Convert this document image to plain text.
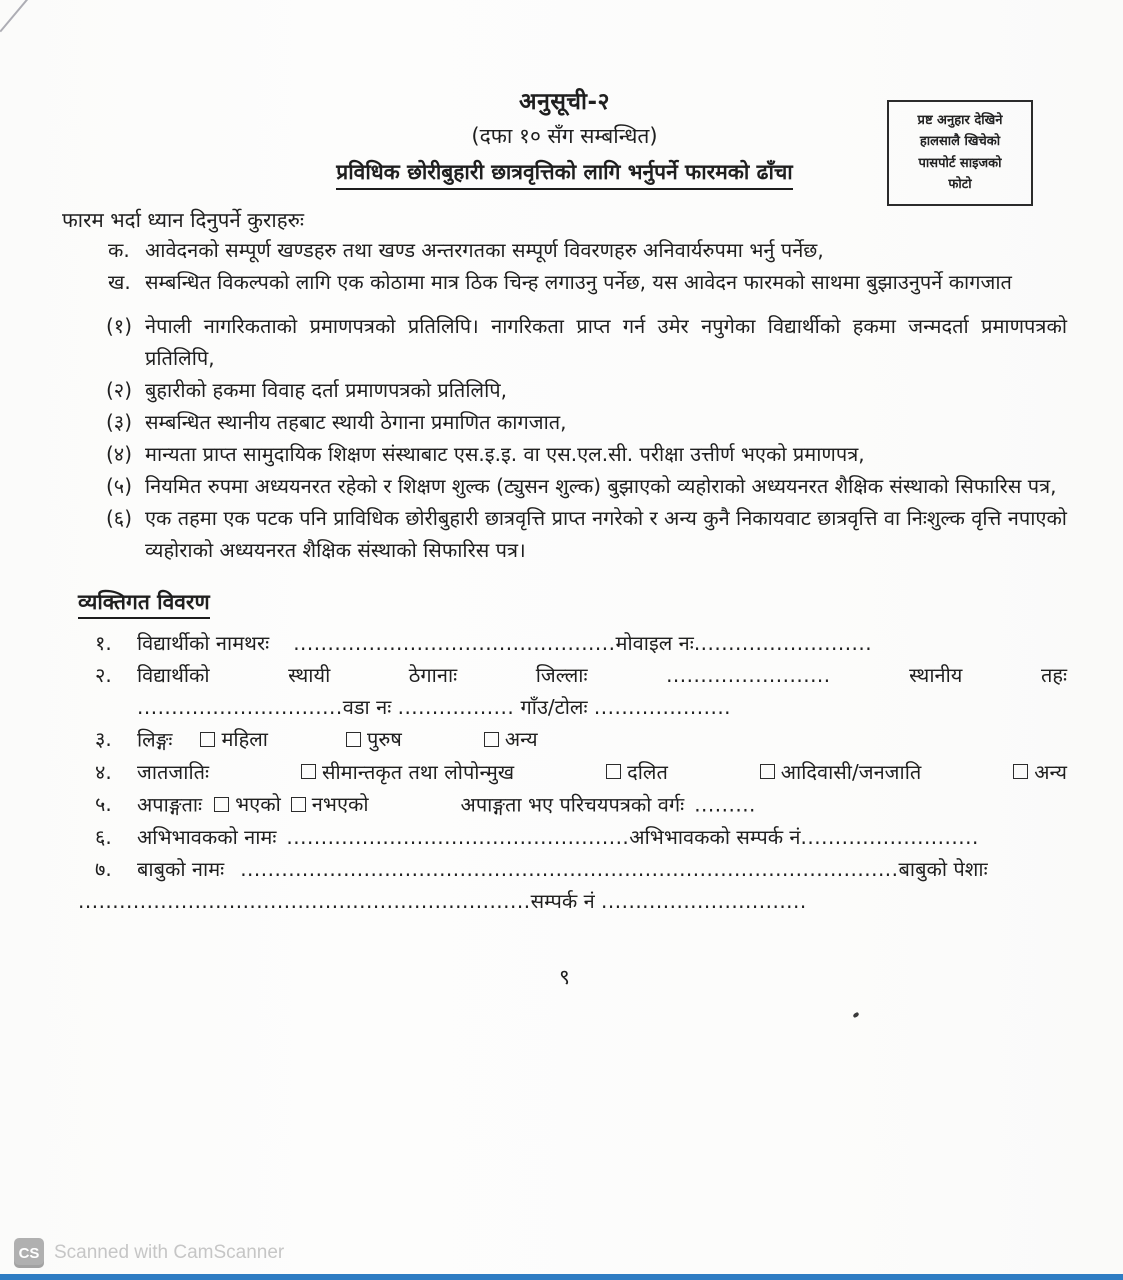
प्रष्ट अनुहार देखिने
हालसालै खिचेको
पासपोर्ट साइजको
फोटो
अनुसूची-२
(दफा १० सँग सम्बन्धित)
प्रविधिक छोरीबुहारी छात्रवृत्तिको लागि भर्नुपर्ने फारमको ढाँचा
फारम भर्दा ध्यान दिनुपर्ने कुराहरुः
क. आवेदनको सम्पूर्ण खण्डहरु तथा खण्ड अन्तरगतका सम्पूर्ण विवरणहरु अनिवार्यरुपमा भर्नु पर्नेछ,
ख. सम्बन्धित विकल्पको लागि एक कोठामा मात्र ठिक चिन्ह लगाउनु पर्नेछ, यस आवेदन फारमको साथमा बुझाउनुपर्ने कागजात
(१) नेपाली नागरिकताको प्रमाणपत्रको प्रतिलिपि। नागरिकता प्राप्त गर्न उमेर नपुगेका विद्यार्थीको हकमा जन्मदर्ता प्रमाणपत्रको प्रतिलिपि,
(२) बुहारीको हकमा विवाह दर्ता प्रमाणपत्रको प्रतिलिपि,
(३) सम्बन्धित स्थानीय तहबाट स्थायी ठेगाना प्रमाणित कागजात,
(४) मान्यता प्राप्त सामुदायिक शिक्षण संस्थाबाट एस.इ.इ. वा एस.एल.सी. परीक्षा उत्तीर्ण भएको प्रमाणपत्र,
(५) नियमित रुपमा अध्ययनरत रहेको र शिक्षण शुल्क (ट्युसन शुल्क) बुझाएको व्यहोराको अध्ययनरत शैक्षिक संस्थाको सिफारिस पत्र,
(६) एक तहमा एक पटक पनि प्राविधिक छोरीबुहारी छात्रवृत्ति प्राप्त नगरेको र अन्य कुनै निकायवाट छात्रवृत्ति वा निःशुल्क वृत्ति नपाएको व्यहोराको अध्ययनरत शैक्षिक संस्थाको सिफारिस पत्र।
व्यक्तिगत विवरण
१. विद्यार्थीको नामथरः ...............................................मोवाइल नः..........................
२. विद्यार्थीको	स्थायी	ठेगानाः	जिल्लाः	........................	स्थानीय	तहः
..............................वडा नः ................. गाँउ/टोलः ....................
३. लिङ्गः महिला	पुरुष	अन्य
४. जातजातिः	सीमान्तकृत तथा लोपोन्मुख	दलित	आदिवासी/जनजाति	अन्य
५. अपाङ्गताः भएको नभएको	अपाङ्गता भए परिचयपत्रको वर्गः .........
६. अभिभावकको नामः ..................................................अभिभावकको सम्पर्क नं..........................
७. बाबुको नामः ................................................................................................बाबुको पेशाः
..................................................................सम्पर्क नं ..............................
९
CS Scanned with CamScanner
